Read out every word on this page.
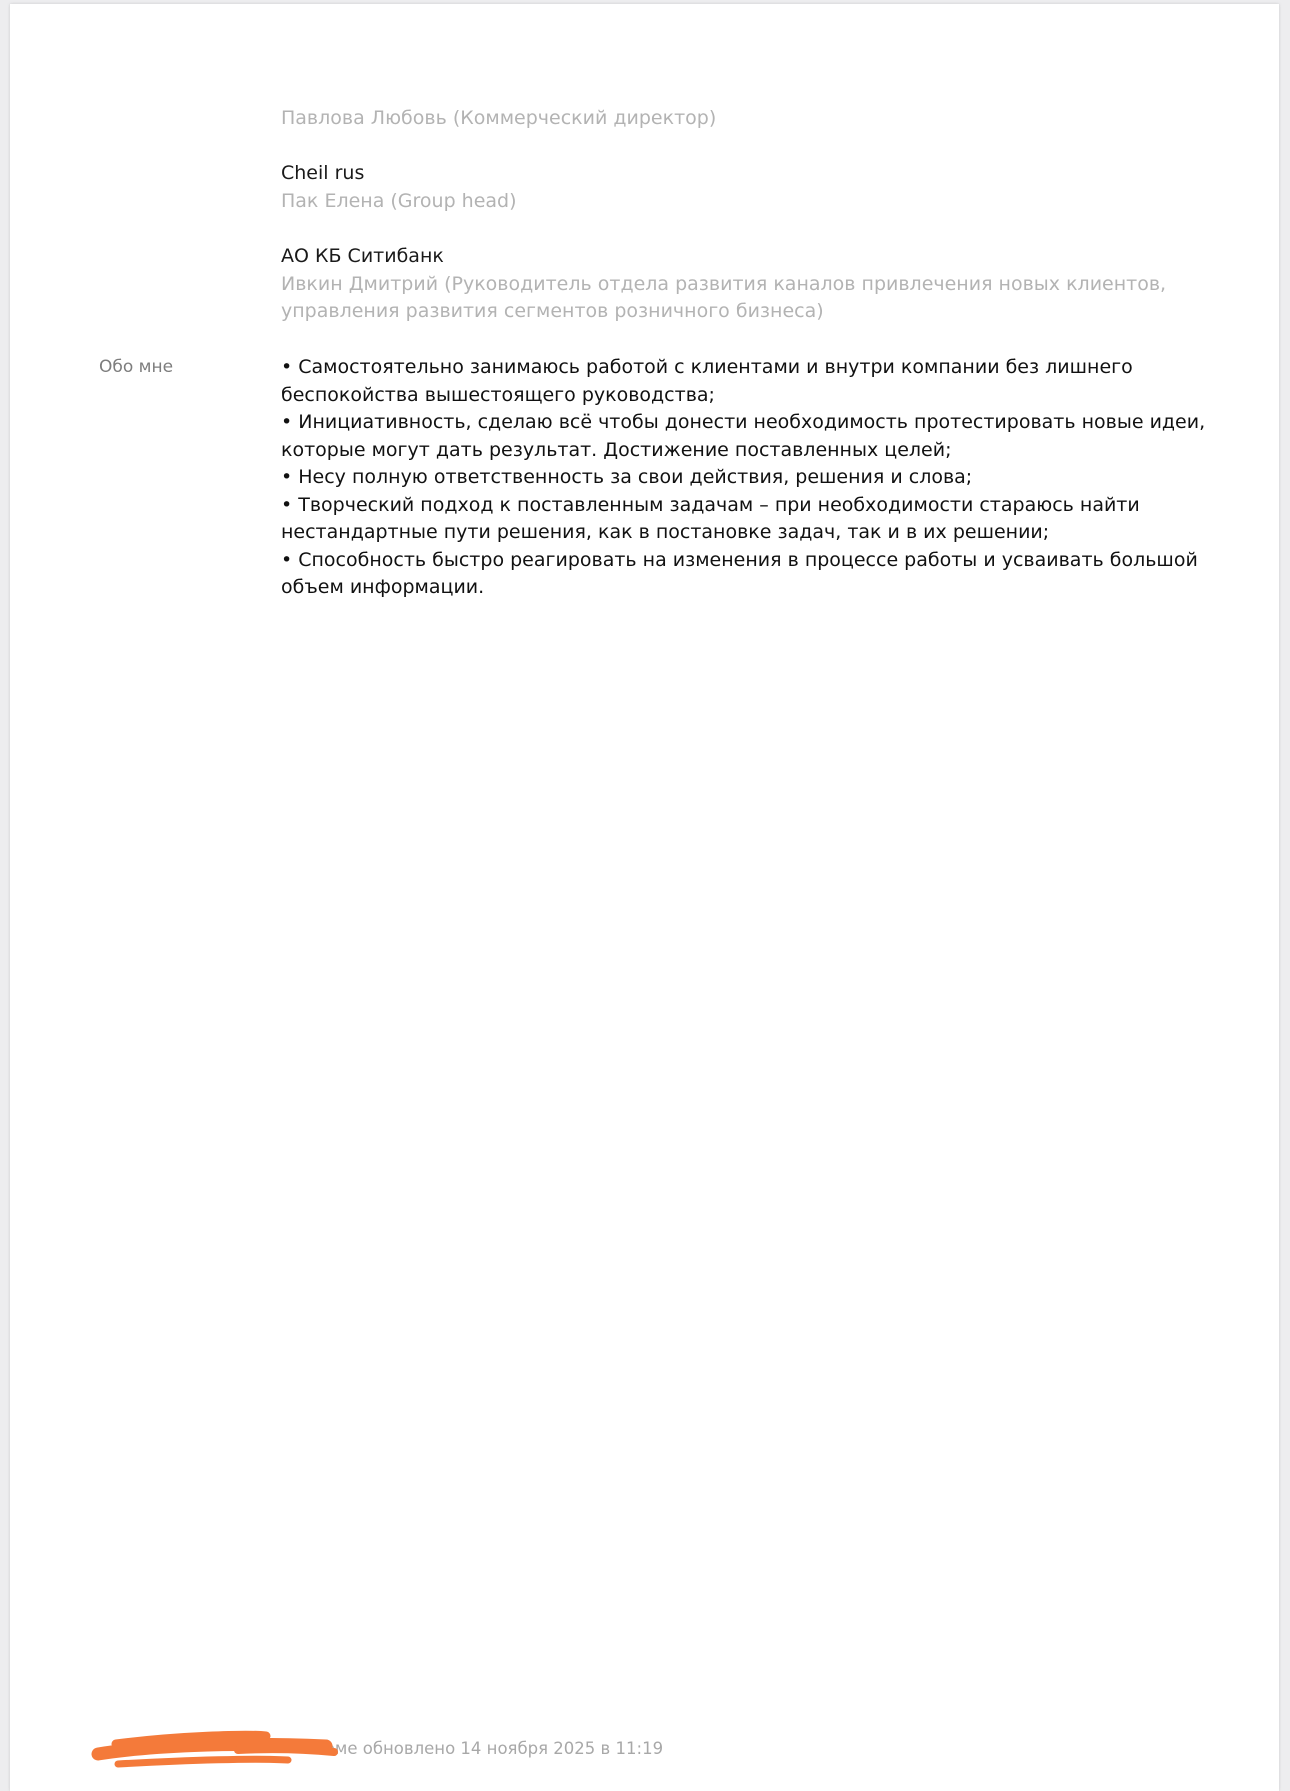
Павлова Любовь (Коммерческий директор)
Cheil rus
Пак Елена (Group head)
АО КБ Ситибанк
Ивкин Дмитрий (Руководитель отдела развития каналов привлечения новых клиентов,
управления развития сегментов розничного бизнеса)
Обо мне	• Самостоятельно занимаюсь работой с клиентами и внутри компании без лишнего
беспокойства вышестоящего руководства;
• Инициативность, сделаю всё чтобы донести необходимость протестировать новые идеи,
которые могут дать результат. Достижение поставленных целей;
• Несу полную ответственность за свои действия, решения и слова;
• Творческий подход к поставленным задачам – при необходимости стараюсь найти
нестандартные пути решения, как в постановке задач, так и в их решении;
• Способность быстро реагировать на изменения в процессе работы и усваивать большой
объем информации.
юме обновлено 14 ноября 2025 в 11:19
